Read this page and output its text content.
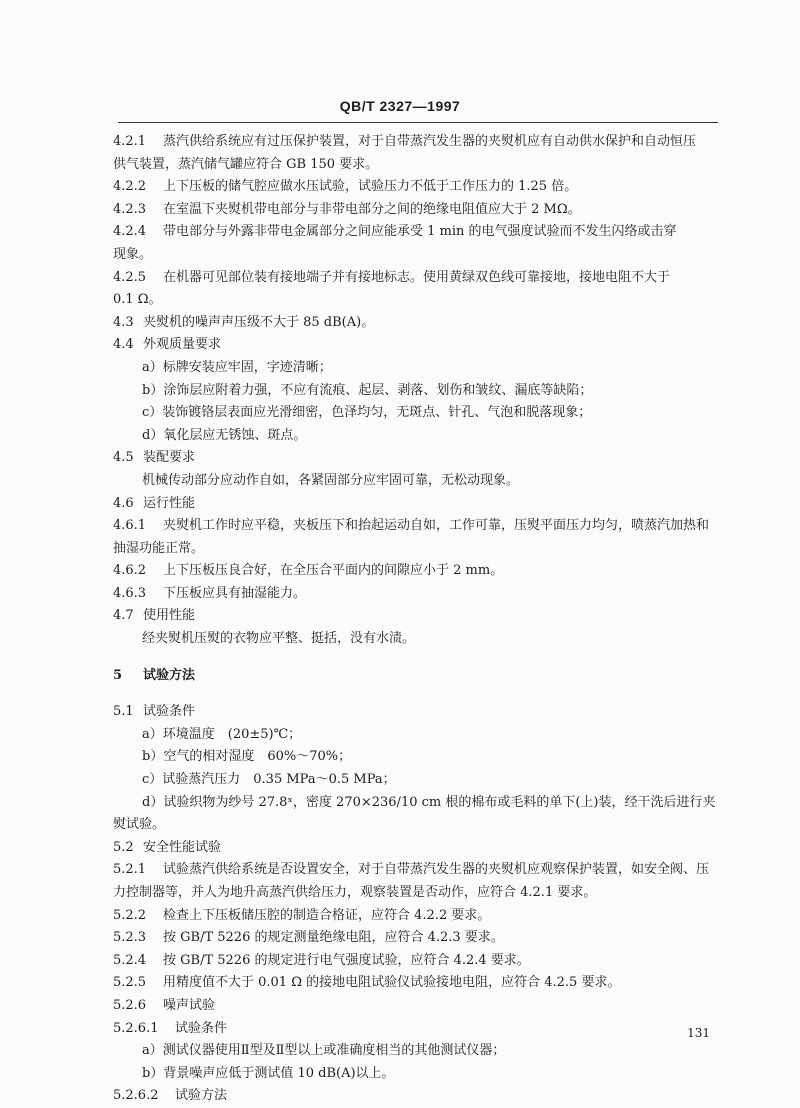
QB/T 2327—1997
4.2.1 蒸汽供给系统应有过压保护装置，对于自带蒸汽发生器的夹熨机应有自动供水保护和自动恒压
供气装置，蒸汽储气罐应符合 GB 150 要求。
4.2.2 上下压板的储气腔应做水压试验，试验压力不低于工作压力的 1.25 倍。
4.2.3 在室温下夹熨机带电部分与非带电部分之间的绝缘电阻值应大于 2 MΩ。
4.2.4 带电部分与外露非带电金属部分之间应能承受 1 min 的电气强度试验而不发生闪络或击穿
现象。
4.2.5 在机器可见部位装有接地端子并有接地标志。使用黄绿双色线可靠接地，接地电阻不大于
0.1 Ω。
4.3 夹熨机的噪声声压级不大于 85 dB(A)。
4.4 外观质量要求
a）标牌安装应牢固，字迹清晰；
b）涂饰层应附着力强，不应有流痕、起层、剥落、划伤和皱纹、漏底等缺陷；
c）装饰镀铬层表面应光滑细密，色泽均匀，无斑点、针孔、气泡和脱落现象；
d）氧化层应无锈蚀、斑点。
4.5 装配要求
机械传动部分应动作自如，各紧固部分应牢固可靠，无松动现象。
4.6 运行性能
4.6.1 夹熨机工作时应平稳，夹板压下和抬起运动自如，工作可靠，压熨平面压力均匀，喷蒸汽加热和
抽湿功能正常。
4.6.2 上下压板压良合好，在全压合平面内的间隙应小于 2 mm。
4.6.3 下压板应具有抽湿能力。
4.7 使用性能
经夹熨机压熨的衣物应平整、挺括，没有水渍。
5 试验方法
5.1 试验条件
a）环境温度　(20±5)℃；
b）空气的相对湿度　60%～70%；
c）试验蒸汽压力　0.35 MPa～0.5 MPa；
d）试验织物为纱号 27.8ˣ，密度 270×236/10 cm 根的棉布或毛料的单下(上)装，经干洗后进行夹
熨试验。
5.2 安全性能试验
5.2.1 试验蒸汽供给系统是否设置安全，对于自带蒸汽发生器的夹熨机应观察保护装置，如安全阀、压
力控制器等，并人为地升高蒸汽供给压力，观察装置是否动作，应符合 4.2.1 要求。
5.2.2 检查上下压板储压腔的制造合格证，应符合 4.2.2 要求。
5.2.3 按 GB/T 5226 的规定测量绝缘电阻，应符合 4.2.3 要求。
5.2.4 按 GB/T 5226 的规定进行电气强度试验，应符合 4.2.4 要求。
5.2.5 用精度值不大于 0.01 Ω 的接地电阻试验仪试验接地电阻，应符合 4.2.5 要求。
5.2.6 噪声试验
5.2.6.1 试验条件
a）测试仪器使用Ⅱ型及Ⅱ型以上或准确度相当的其他测试仪器；
b）背景噪声应低于测试值 10 dB(A)以上。
5.2.6.2 试验方法
131
